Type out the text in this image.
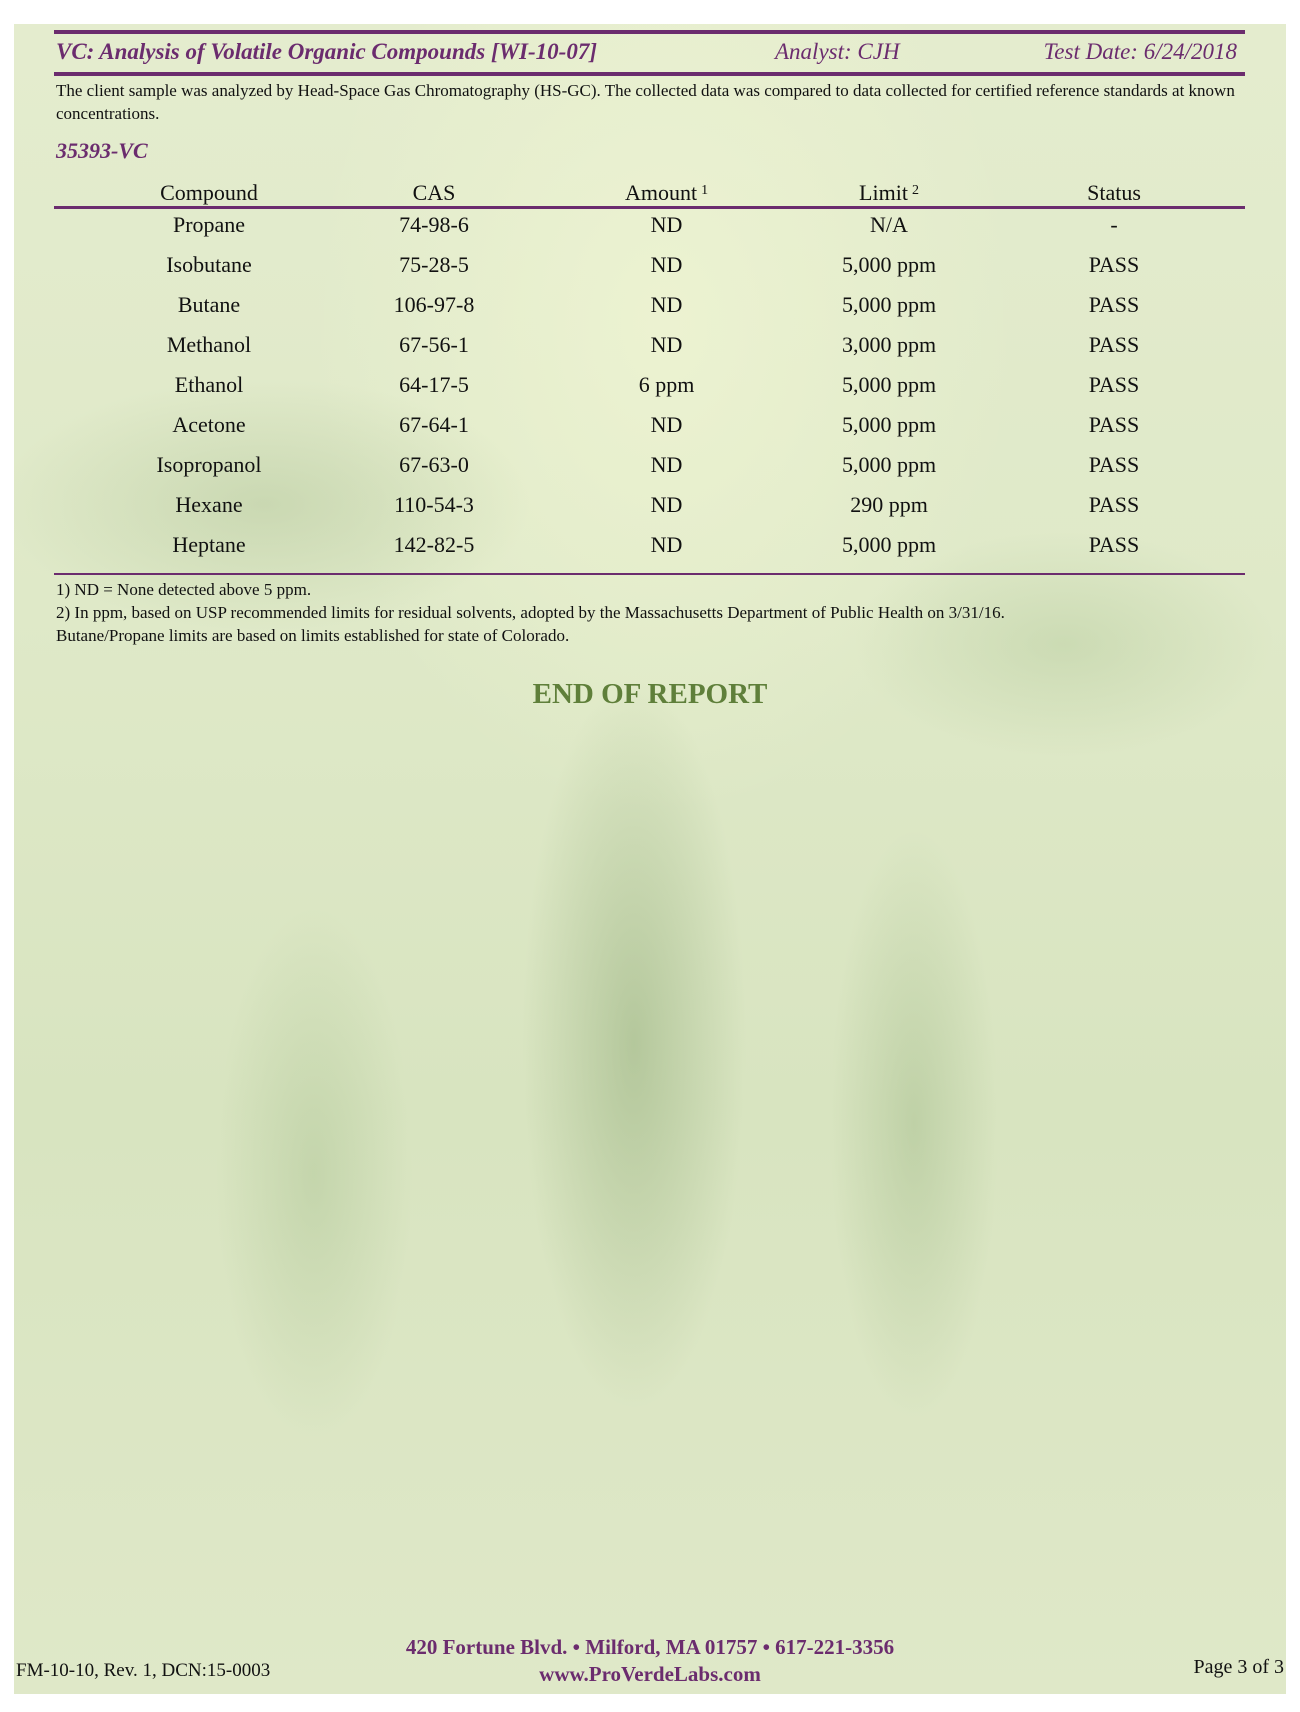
VC: Analysis of Volatile Organic Compounds [WI-10-07]	Analyst: CJH	Test Date: 6/24/2018
The client sample was analyzed by Head-Space Gas Chromatography (HS-GC). The collected data was compared to data collected for certified reference standards at known concentrations.
35393-VC
Compound	CAS	Amount $^1$	Limit $^2$	Status
Propane	74-98-6	ND	N/A	-
Isobutane	75-28-5	ND	5,000 ppm	PASS
Butane	106-97-8	ND	5,000 ppm	PASS
Methanol	67-56-1	ND	3,000 ppm	PASS
Ethanol	64-17-5	6 ppm	5,000 ppm	PASS
Acetone	67-64-1	ND	5,000 ppm	PASS
Isopropanol	67-63-0	ND	5,000 ppm	PASS
Hexane	110-54-3	ND	290 ppm	PASS
Heptane	142-82-5	ND	5,000 ppm	PASS
1) ND = None detected above 5 ppm.
2) In ppm, based on USP recommended limits for residual solvents, adopted by the Massachusetts Department of Public Health on 3/31/16.
Butane/Propane limits are based on limits established for state of Colorado.
END OF REPORT
FM-10-10, Rev. 1, DCN:15-0003
420 Fortune Blvd. • Milford, MA 01757 • 617-221-3356
www.ProVerdeLabs.com	Page 3 of 3
